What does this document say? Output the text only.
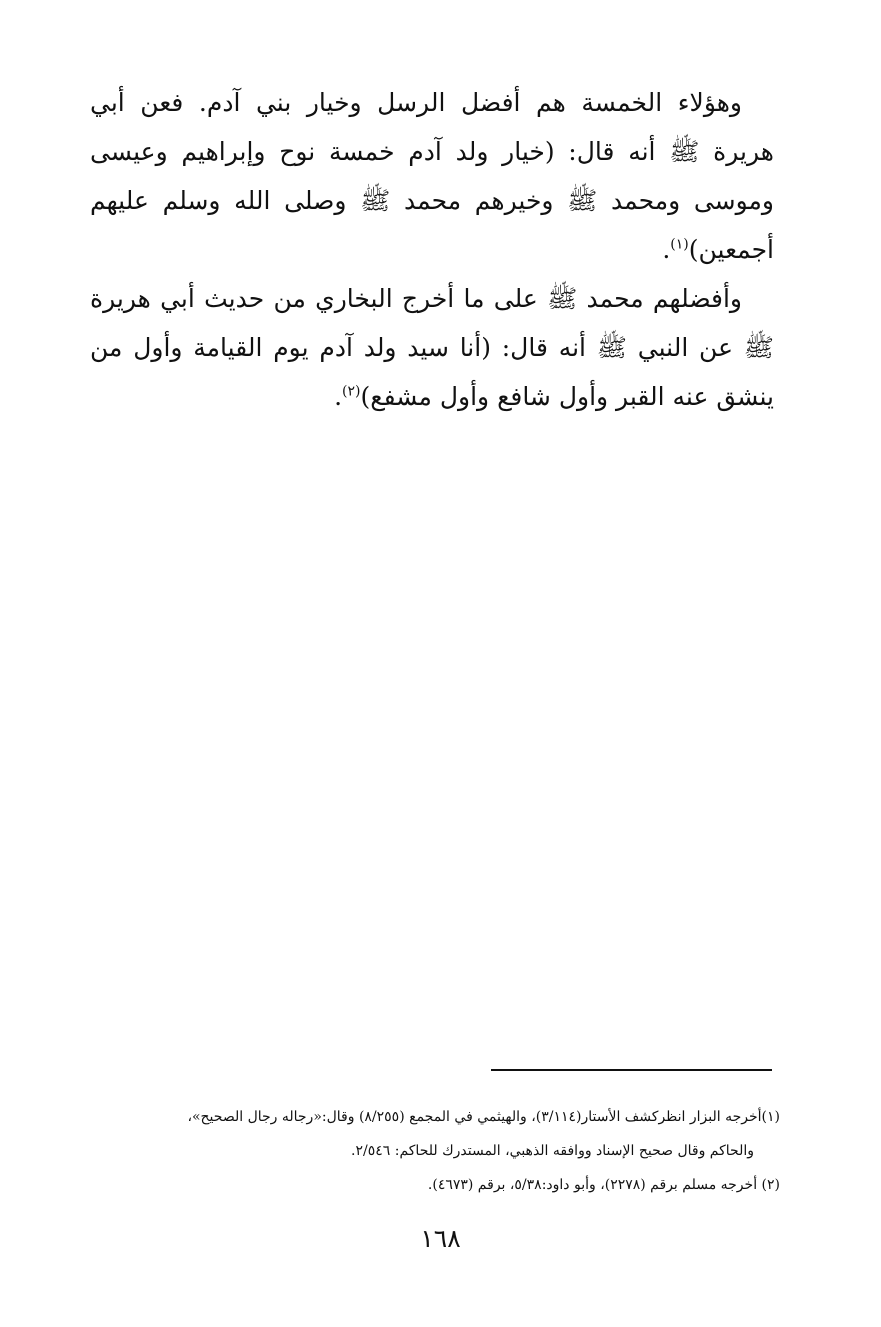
وهؤلاء الخمسة هم أفضل الرسل وخيار بني آدم. فعن أبي هريرة ﷺ أنه قال: (خيار ولد آدم خمسة نوح وإبراهيم وعيسى وموسى ومحمد ﷺ وخيرهم محمد ﷺ وصلى الله وسلم عليهم أجمعين)$^{(١)}$.

وأفضلهم محمد ﷺ على ما أخرج البخاري من حديث أبي هريرة ﷺ عن النبي ﷺ أنه قال: (أنا سيد ولد آدم يوم القيامة وأول من ينشق عنه القبر وأول شافع وأول مشفع)$^{(٢)}$.

(١)أخرجه البزار انظركشف الأستار(٣/١١٤)، والهيثمي في المجمع (٨/٢٥٥) وقال:«رجاله رجال الصحيح»،

والحاكم وقال صحيح الإسناد ووافقه الذهبي، المستدرك للحاكم: ٢/٥٤٦.

(٢) أخرجه مسلم برقم (٢٢٧٨)، وأبو داود:٥/٣٨، برقم (٤٦٧٣).

١٦٨
